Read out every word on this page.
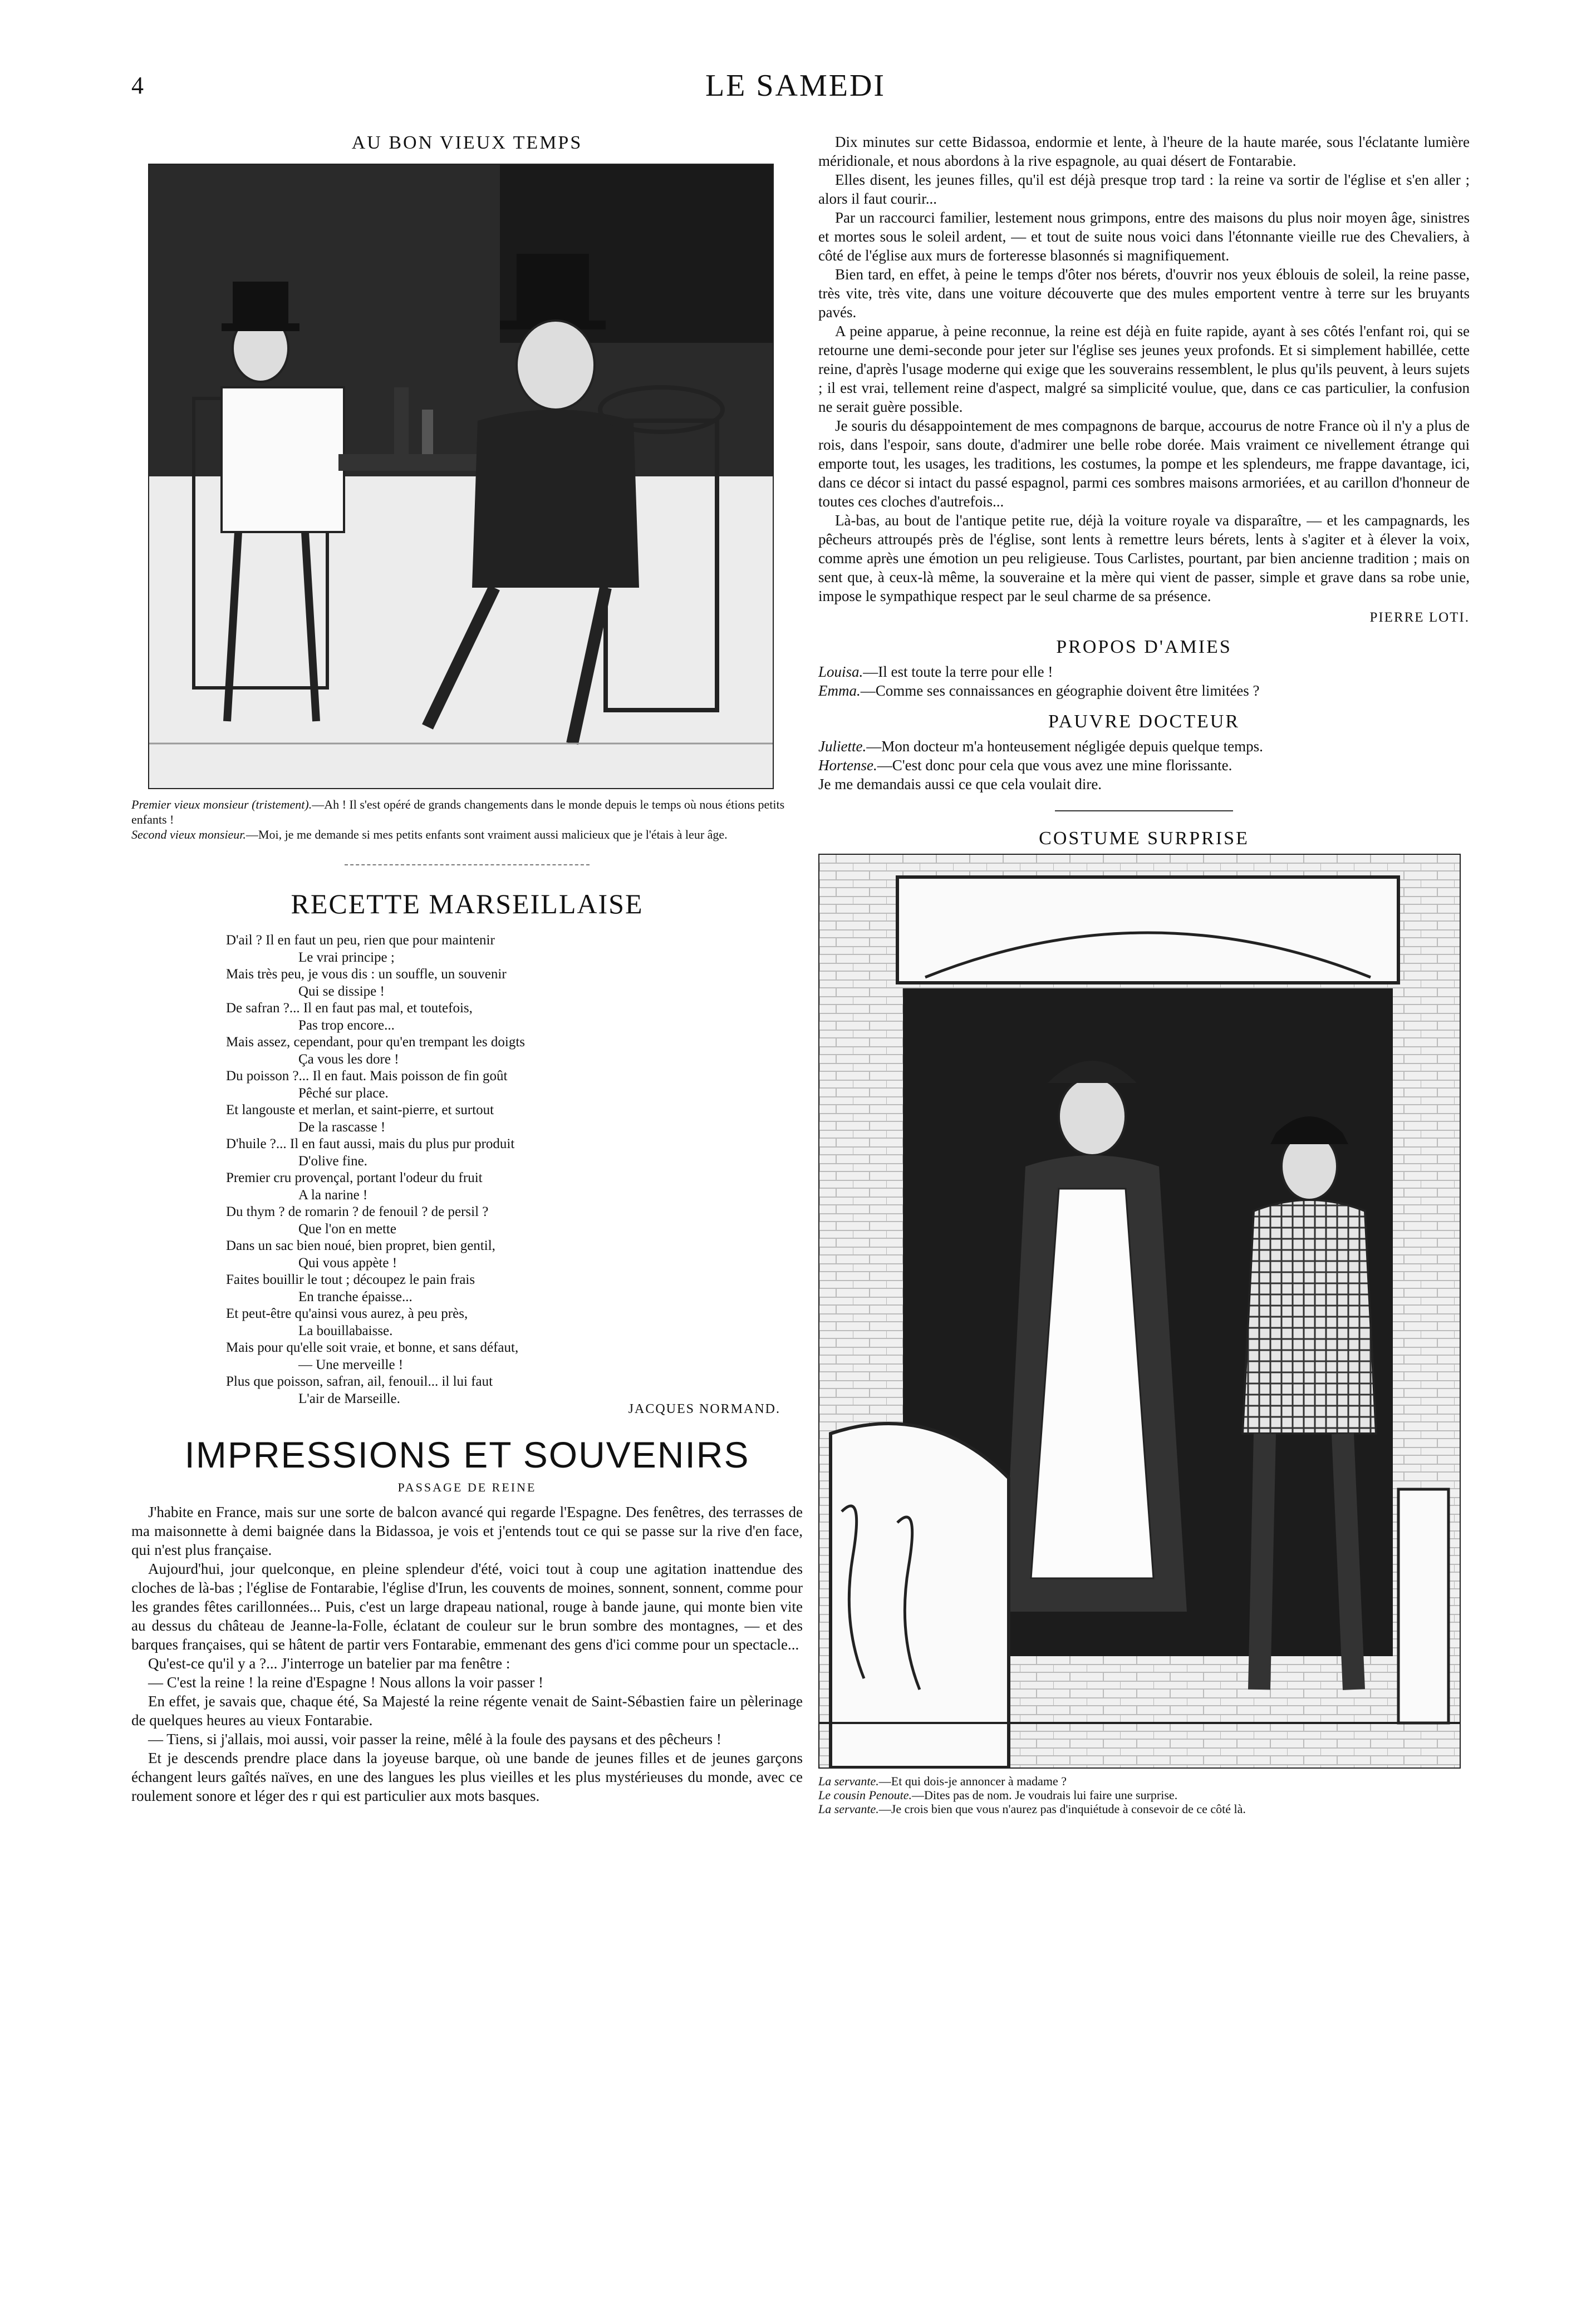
4	LE SAMEDI
AU BON VIEUX TEMPS
Premier vieux monsieur (tristement).—Ah ! Il s'est opéré de grands changements dans le monde depuis le temps où nous étions petits enfants !
Second vieux monsieur.—Moi, je me demande si mes petits enfants sont vraiment aussi malicieux que je l'étais à leur âge.
RECETTE MARSEILLAISE
D'ail ? Il en faut un peu, rien que pour maintenir
Le vrai principe ;
Mais très peu, je vous dis : un souffle, un souvenir
Qui se dissipe !
De safran ?... Il en faut pas mal, et toutefois,
Pas trop encore...
Mais assez, cependant, pour qu'en trempant les doigts
Ça vous les dore !
Du poisson ?... Il en faut. Mais poisson de fin goût
Pêché sur place.
Et langouste et merlan, et saint-pierre, et surtout
De la rascasse !
D'huile ?... Il en faut aussi, mais du plus pur produit
D'olive fine.
Premier cru provençal, portant l'odeur du fruit
A la narine !
Du thym ? de romarin ? de fenouil ? de persil ?
Que l'on en mette
Dans un sac bien noué, bien propret, bien gentil,
Qui vous appète !
Faites bouillir le tout ; découpez le pain frais
En tranche épaisse...
Et peut-être qu'ainsi vous aurez, à peu près,
La bouillabaisse.
Mais pour qu'elle soit vraie, et bonne, et sans défaut,
— Une merveille !
Plus que poisson, safran, ail, fenouil... il lui faut
L'air de Marseille.
JACQUES NORMAND.
IMPRESSIONS ET SOUVENIRS
PASSAGE DE REINE

J'habite en France, mais sur une sorte de balcon avancé qui regarde l'Espagne. Des fenêtres, des terrasses de ma maisonnette à demi baignée dans la Bidassoa, je vois et j'entends tout ce qui se passe sur la rive d'en face, qui n'est plus française.

Aujourd'hui, jour quelconque, en pleine splendeur d'été, voici tout à coup une agitation inattendue des cloches de là-bas ; l'église de Fontarabie, l'église d'Irun, les couvents de moines, sonnent, sonnent, comme pour les grandes fêtes carillonnées... Puis, c'est un large drapeau national, rouge à bande jaune, qui monte bien vite au dessus du château de Jeanne-la-Folle, éclatant de couleur sur le brun sombre des montagnes, — et des barques françaises, qui se hâtent de partir vers Fontarabie, emmenant des gens d'ici comme pour un spectacle...

Qu'est-ce qu'il y a ?... J'interroge un batelier par ma fenêtre :

— C'est la reine ! la reine d'Espagne ! Nous allons la voir passer !

En effet, je savais que, chaque été, Sa Majesté la reine régente venait de Saint-Sébastien faire un pèlerinage de quelques heures au vieux Fontarabie.

— Tiens, si j'allais, moi aussi, voir passer la reine, mêlé à la foule des paysans et des pêcheurs !

Et je descends prendre place dans la joyeuse barque, où une bande de jeunes filles et de jeunes garçons échangent leurs gaîtés naïves, en une des langues les plus vieilles et les plus mystérieuses du monde, avec ce roulement sonore et léger des r qui est particulier aux mots basques.

Dix minutes sur cette Bidassoa, endormie et lente, à l'heure de la haute marée, sous l'éclatante lumière méridionale, et nous abordons à la rive espagnole, au quai désert de Fontarabie.

Elles disent, les jeunes filles, qu'il est déjà presque trop tard : la reine va sortir de l'église et s'en aller ; alors il faut courir...

Par un raccourci familier, lestement nous grimpons, entre des maisons du plus noir moyen âge, sinistres et mortes sous le soleil ardent, — et tout de suite nous voici dans l'étonnante vieille rue des Chevaliers, à côté de l'église aux murs de forteresse blasonnés si magnifiquement.

Bien tard, en effet, à peine le temps d'ôter nos bérets, d'ouvrir nos yeux éblouis de soleil, la reine passe, très vite, très vite, dans une voiture découverte que des mules emportent ventre à terre sur les bruyants pavés.

A peine apparue, à peine reconnue, la reine est déjà en fuite rapide, ayant à ses côtés l'enfant roi, qui se retourne une demi-seconde pour jeter sur l'église ses jeunes yeux profonds. Et si simplement habillée, cette reine, d'après l'usage moderne qui exige que les souverains ressemblent, le plus qu'ils peuvent, à leurs sujets ; il est vrai, tellement reine d'aspect, malgré sa simplicité voulue, que, dans ce cas particulier, la confusion ne serait guère possible.

Je souris du désappointement de mes compagnons de barque, accourus de notre France où il n'y a plus de rois, dans l'espoir, sans doute, d'admirer une belle robe dorée. Mais vraiment ce nivellement étrange qui emporte tout, les usages, les traditions, les costumes, la pompe et les splendeurs, me frappe davantage, ici, dans ce décor si intact du passé espagnol, parmi ces sombres maisons armoriées, et au carillon d'honneur de toutes ces cloches d'autrefois...

Là-bas, au bout de l'antique petite rue, déjà la voiture royale va disparaître, — et les campagnards, les pêcheurs attroupés près de l'église, sont lents à remettre leurs bérets, lents à s'agiter et à élever la voix, comme après une émotion un peu religieuse. Tous Carlistes, pourtant, par bien ancienne tradition ; mais on sent que, à ceux-là même, la souveraine et la mère qui vient de passer, simple et grave dans sa robe unie, impose le sympathique respect par le seul charme de sa présence.

PIERRE LOTI.
PROPOS D'AMIES

Louisa.—Il est toute la terre pour elle !

Emma.—Comme ses connaissances en géographie doivent être limitées ?

PAUVRE DOCTEUR

Juliette.—Mon docteur m'a honteusement négligée depuis quelque temps.

Hortense.—C'est donc pour cela que vous avez une mine florissante.

Je me demandais aussi ce que cela voulait dire.

COSTUME SURPRISE
La servante.—Et qui dois-je annoncer à madame ?
Le cousin Penoute.—Dites pas de nom. Je voudrais lui faire une surprise.
La servante.—Je crois bien que vous n'aurez pas d'inquiétude à consevoir de ce côté là.
